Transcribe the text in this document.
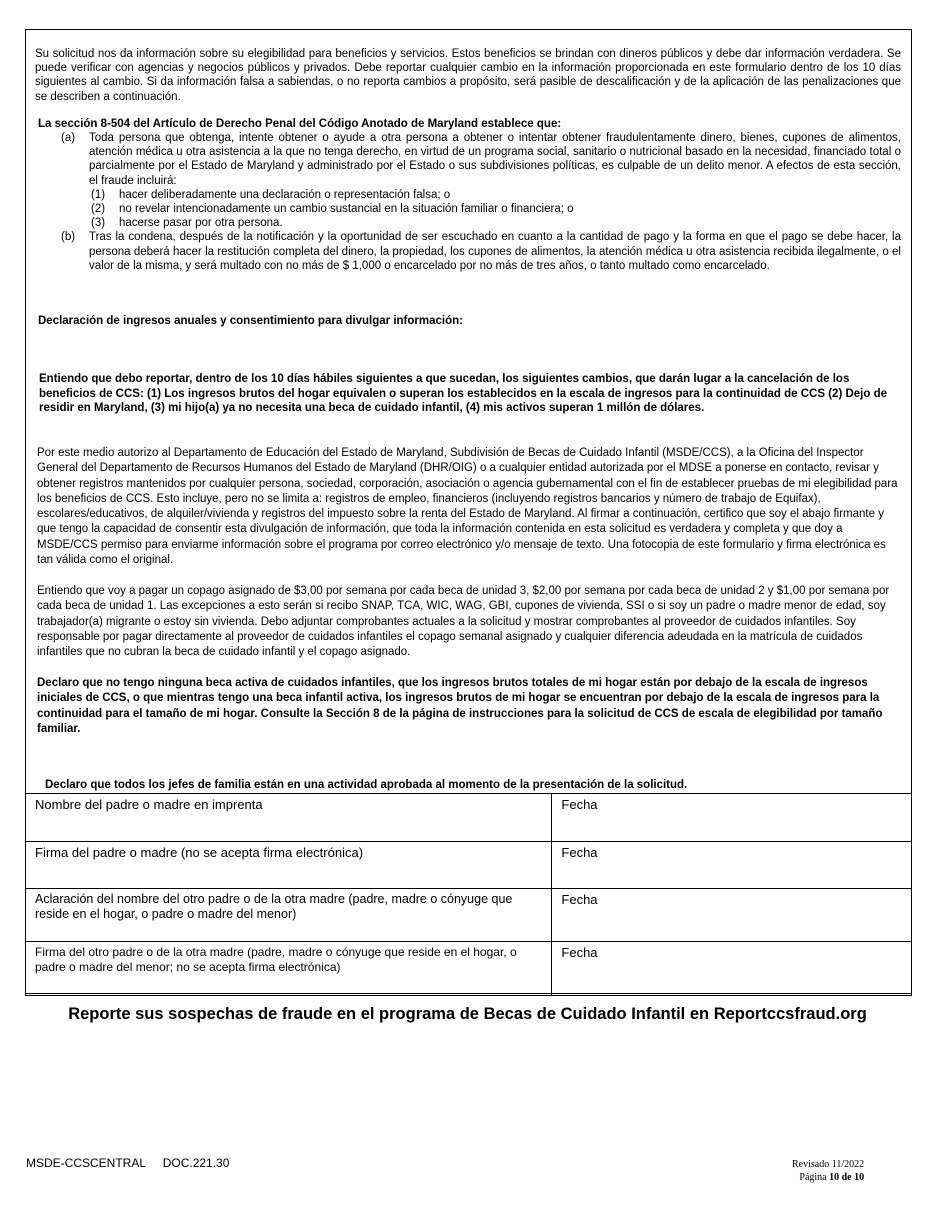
Su solicitud nos da información sobre su elegibilidad para beneficios y servicios. Estos beneficios se brindan con dineros públicos y debe dar información verdadera. Se puede verificar con agencias y negocios públicos y privados. Debe reportar cualquier cambio en la información proporcionada en este formulario dentro de los 10 días siguientes al cambio. Si da información falsa a sabiendas, o no reporta cambios a propósito, será pasible de descalificación y de la aplicación de las penalizaciones que se describen a continuación.

La sección 8-504 del Artículo de Derecho Penal del Código Anotado de Maryland establece que:

(a) Toda persona que obtenga, intente obtener o ayude a otra persona a obtener o intentar obtener fraudulentamente dinero, bienes, cupones de alimentos, atención médica u otra asistencia a la que no tenga derecho, en virtud de un programa social, sanitario o nutricional basado en la necesidad, financiado total o parcialmente por el Estado de Maryland y administrado por el Estado o sus subdivisiones políticas, es culpable de un delito menor. A efectos de esta sección, el fraude incluirá:
(1) hacer deliberadamente una declaración o representación falsa; o
(2) no revelar intencionadamente un cambio sustancial en la situación familiar o financiera; o
(3) hacerse pasar por otra persona.
(b) Tras la condena, después de la notificación y la oportunidad de ser escuchado en cuanto a la cantidad de pago y la forma en que el pago se debe hacer, la persona deberá hacer la restitución completa del dinero, la propiedad, los cupones de alimentos, la atención médica u otra asistencia recibida ilegalmente, o el valor de la misma, y será multado con no más de $ 1,000 o encarcelado por no más de tres años, o tanto multado como encarcelado.

Declaración de ingresos anuales y consentimiento para divulgar información:

Entiendo que debo reportar, dentro de los 10 días hábiles siguientes a que sucedan, los siguientes cambios, que darán lugar a la cancelación de los beneficios de CCS: (1) Los ingresos brutos del hogar equivalen o superan los establecidos en la escala de ingresos para la continuidad de CCS (2) Dejo de residir en Maryland, (3) mi hijo(a) ya no necesita una beca de cuidado infantil, (4) mis activos superan 1 millón de dólares.

Por este medio autorizo al Departamento de Educación del Estado de Maryland, Subdivisión de Becas de Cuidado Infantil (MSDE/CCS), a la Oficina del Inspector General del Departamento de Recursos Humanos del Estado de Maryland (DHR/OIG) o a cualquier entidad autorizada por el MDSE a ponerse en contacto, revisar y obtener registros mantenidos por cualquier persona, sociedad, corporación, asociación o agencia gubernamental con el fin de establecer pruebas de mi elegibilidad para los beneficios de CCS. Esto incluye, pero no se limita a: registros de empleo, financieros (incluyendo registros bancarios y número de trabajo de Equifax), escolares/educativos, de alquiler/vivienda y registros del impuesto sobre la renta del Estado de Maryland. Al firmar a continuación, certifico que soy el abajo firmante y que tengo la capacidad de consentir esta divulgación de información, que toda la información contenida en esta solicitud es verdadera y completa y que doy a MSDE/CCS permiso para enviarme información sobre el programa por correo electrónico y/o mensaje de texto. Una fotocopia de este formulario y firma electrónica es tan válida como el original.

Entiendo que voy a pagar un copago asignado de $3,00 por semana por cada beca de unidad 3, $2,00 por semana por cada beca de unidad 2 y $1,00 por semana por cada beca de unidad 1. Las excepciones a esto serán si recibo SNAP, TCA, WIC, WAG, GBI, cupones de vivienda, SSI o si soy un padre o madre menor de edad, soy trabajador(a) migrante o estoy sin vivienda. Debo adjuntar comprobantes actuales a la solicitud y mostrar comprobantes al proveedor de cuidados infantiles. Soy responsable por pagar directamente al proveedor de cuidados infantiles el copago semanal asignado y cualquier diferencia adeudada en la matrícula de cuidados infantiles que no cubran la beca de cuidado infantil y el copago asignado.

Declaro que no tengo ninguna beca activa de cuidados infantiles, que los ingresos brutos totales de mi hogar están por debajo de la escala de ingresos iniciales de CCS, o que mientras tengo una beca infantil activa, los ingresos brutos de mi hogar se encuentran por debajo de la escala de ingresos para la continuidad para el tamaño de mi hogar. Consulte la Sección 8 de la página de instrucciones para la solicitud de CCS de escala de elegibilidad por tamaño familiar.

Declaro que todos los jefes de familia están en una actividad aprobada al momento de la presentación de la solicitud.

Nombre del padre o madre en imprenta	Fecha
Firma del padre o madre (no se acepta firma electrónica)	Fecha
Aclaración del nombre del otro padre o de la otra madre (padre, madre o cónyuge que reside en el hogar, o padre o madre del menor)	Fecha
Firma del otro padre o de la otra madre (padre, madre o cónyuge que reside en el hogar, o padre o madre del menor; no se acepta firma electrónica)	Fecha

Reporte sus sospechas de fraude en el programa de Becas de Cuidado Infantil en Reportccsfraud.org

MSDE-CCSCENTRAL DOC.221.30	Revisado 11/2022
Página 10 de 10
